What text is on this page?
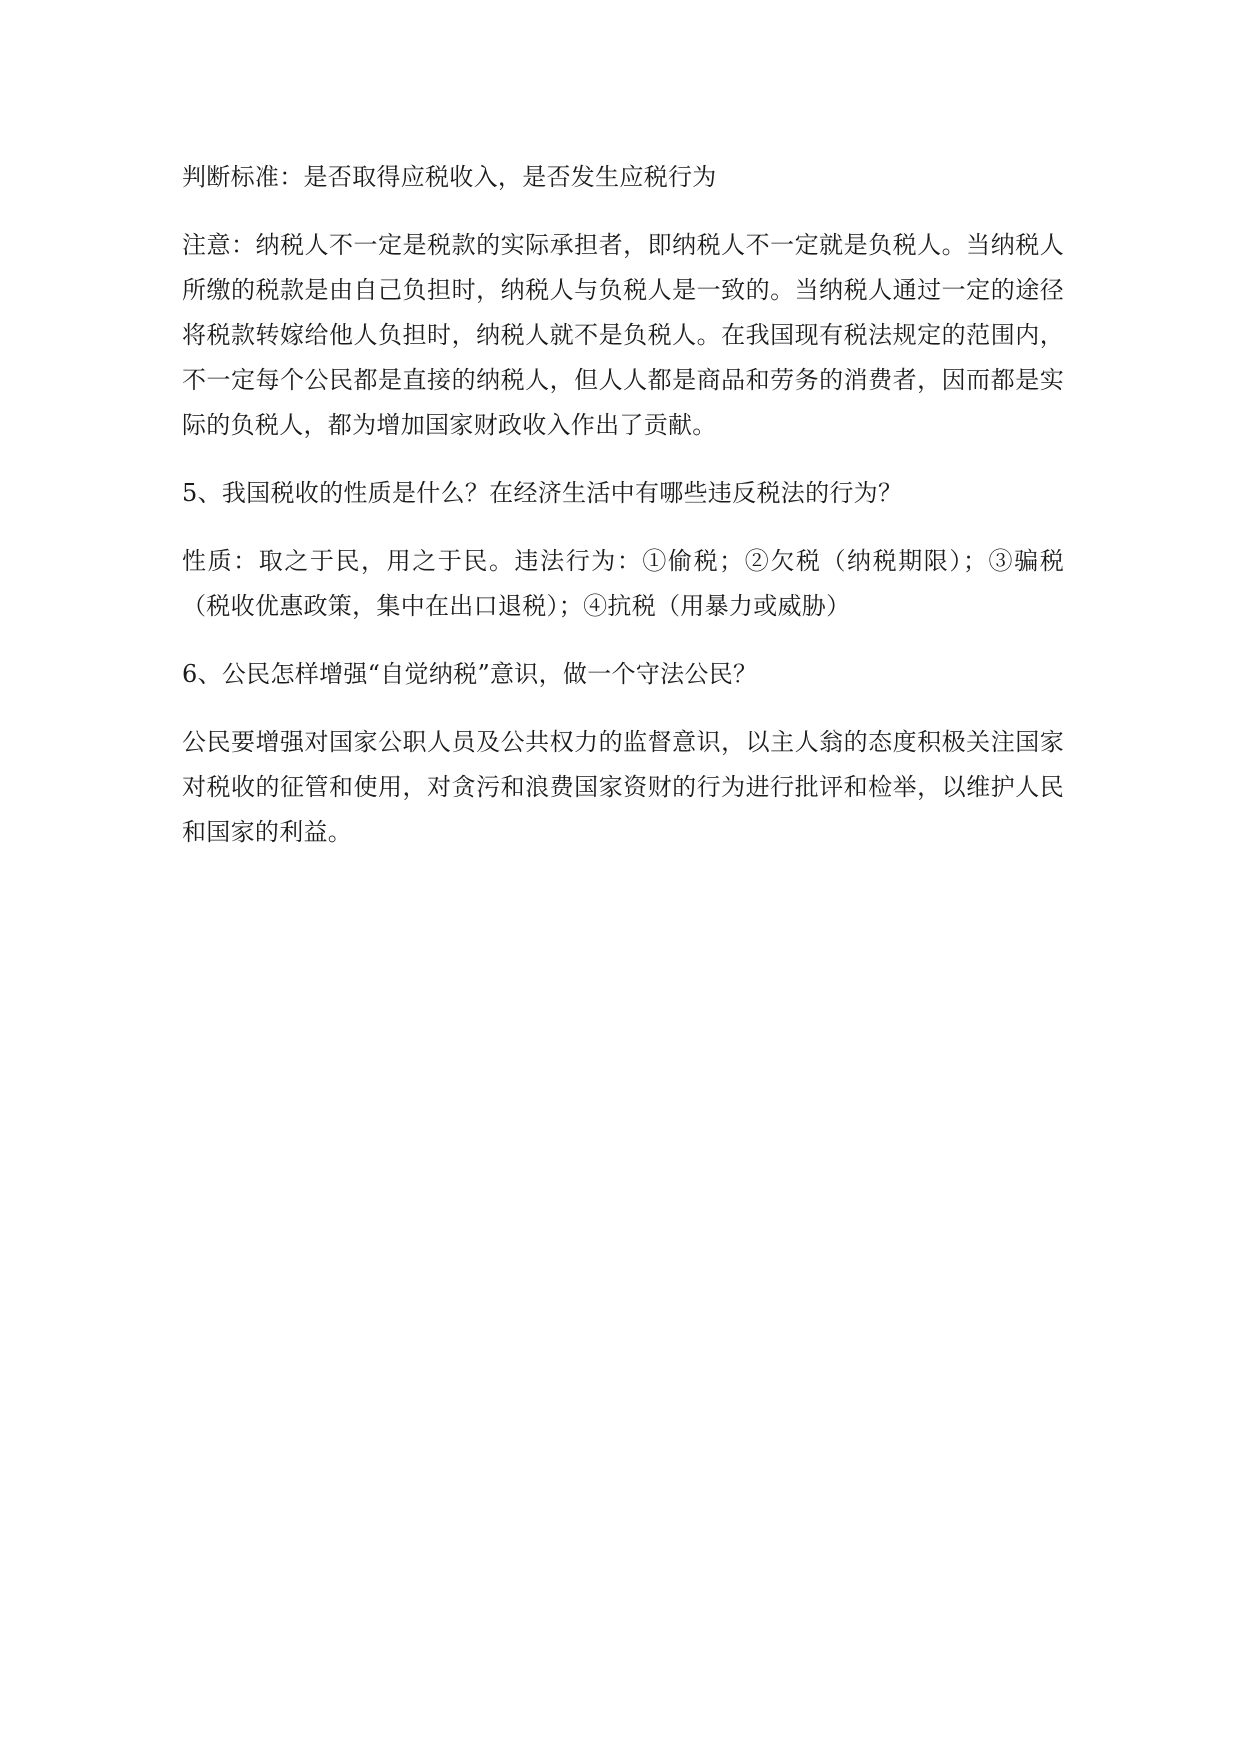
判断标准：是否取得应税收入，是否发生应税行为

注意：纳税人不一定是税款的实际承担者，即纳税人不一定就是负税人。当纳税人所缴的税款是由自己负担时，纳税人与负税人是一致的。当纳税人通过一定的途径将税款转嫁给他人负担时，纳税人就不是负税人。在我国现有税法规定的范围内，不一定每个公民都是直接的纳税人，但人人都是商品和劳务的消费者，因而都是实际的负税人，都为增加国家财政收入作出了贡献。

5、我国税收的性质是什么？在经济生活中有哪些违反税法的行为？

性质：取之于民，用之于民。违法行为：①偷税；②欠税（纳税期限）；③骗税（税收优惠政策，集中在出口退税）；④抗税（用暴力或威胁）

6、公民怎样增强“自觉纳税”意识，做一个守法公民？

公民要增强对国家公职人员及公共权力的监督意识，以主人翁的态度积极关注国家对税收的征管和使用，对贪污和浪费国家资财的行为进行批评和检举，以维护人民和国家的利益。
